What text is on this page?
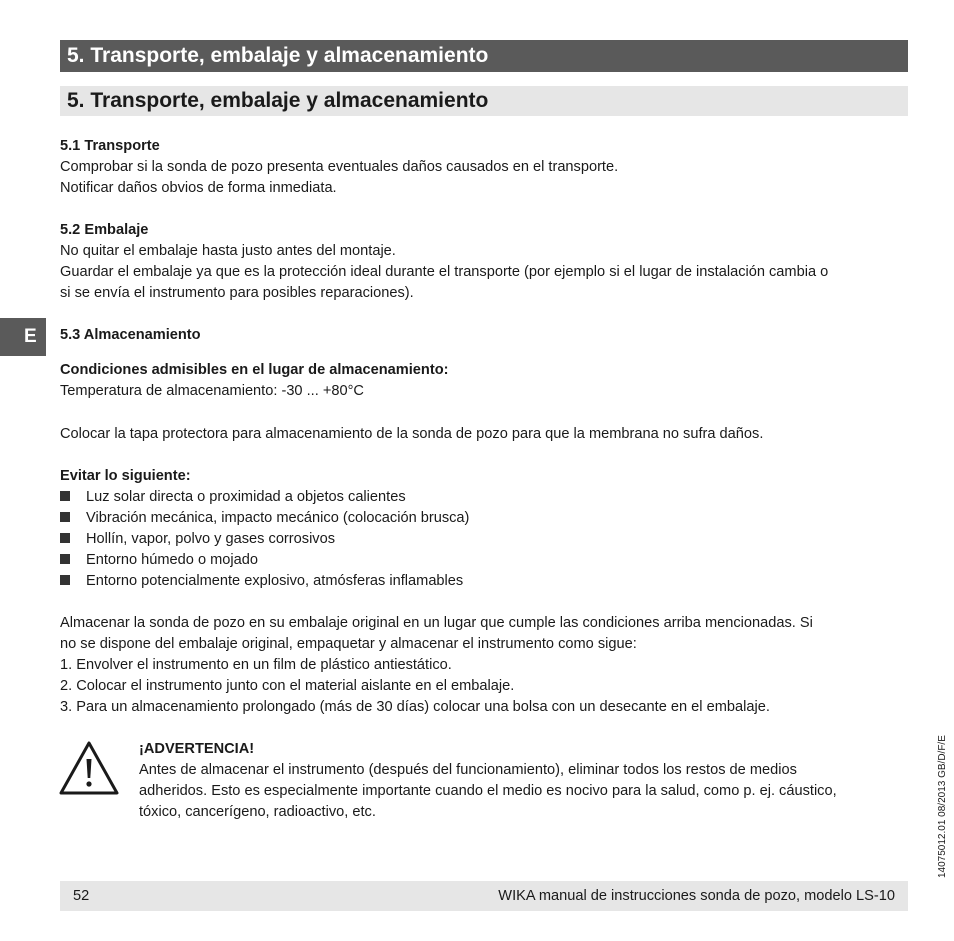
5. Transporte, embalaje y almacenamiento
5. Transporte, embalaje y almacenamiento
E
5.1 Transporte
Comprobar si la sonda de pozo presenta eventuales daños causados en el transporte.
Notificar daños obvios de forma inmediata.
5.2 Embalaje
No quitar el embalaje hasta justo antes del montaje.
Guardar el embalaje ya que es la protección ideal durante el transporte (por ejemplo si el lugar de instalación cambia o
si se envía el instrumento para posibles reparaciones).
5.3 Almacenamiento
Condiciones admisibles en el lugar de almacenamiento:
Temperatura de almacenamiento: -30 ... +80°C
Colocar la tapa protectora para almacenamiento de la sonda de pozo para que la membrana no sufra daños.
Evitar lo siguiente:
Luz solar directa o proximidad a objetos calientes
Vibración mecánica, impacto mecánico (colocación brusca)
Hollín, vapor, polvo y gases corrosivos
Entorno húmedo o mojado
Entorno potencialmente explosivo, atmósferas inflamables
Almacenar la sonda de pozo en su embalaje original en un lugar que cumple las condiciones arriba mencionadas. Si
no se dispone del embalaje original, empaquetar y almacenar el instrumento como sigue:
1. Envolver el instrumento en un film de plástico antiestático.
2. Colocar el instrumento junto con el material aislante en el embalaje.
3. Para un almacenamiento prolongado (más de 30 días) colocar una bolsa con un desecante en el embalaje.
¡ADVERTENCIA!
Antes de almacenar el instrumento (después del funcionamiento), eliminar todos los restos de medios
adheridos. Esto es especialmente importante cuando el medio es nocivo para la salud, como p. ej. cáustico,
tóxico, cancerígeno, radioactivo, etc.
52	WIKA manual de instrucciones sonda de pozo, modelo LS-10
14075012.01 08/2013 GB/D/F/E
